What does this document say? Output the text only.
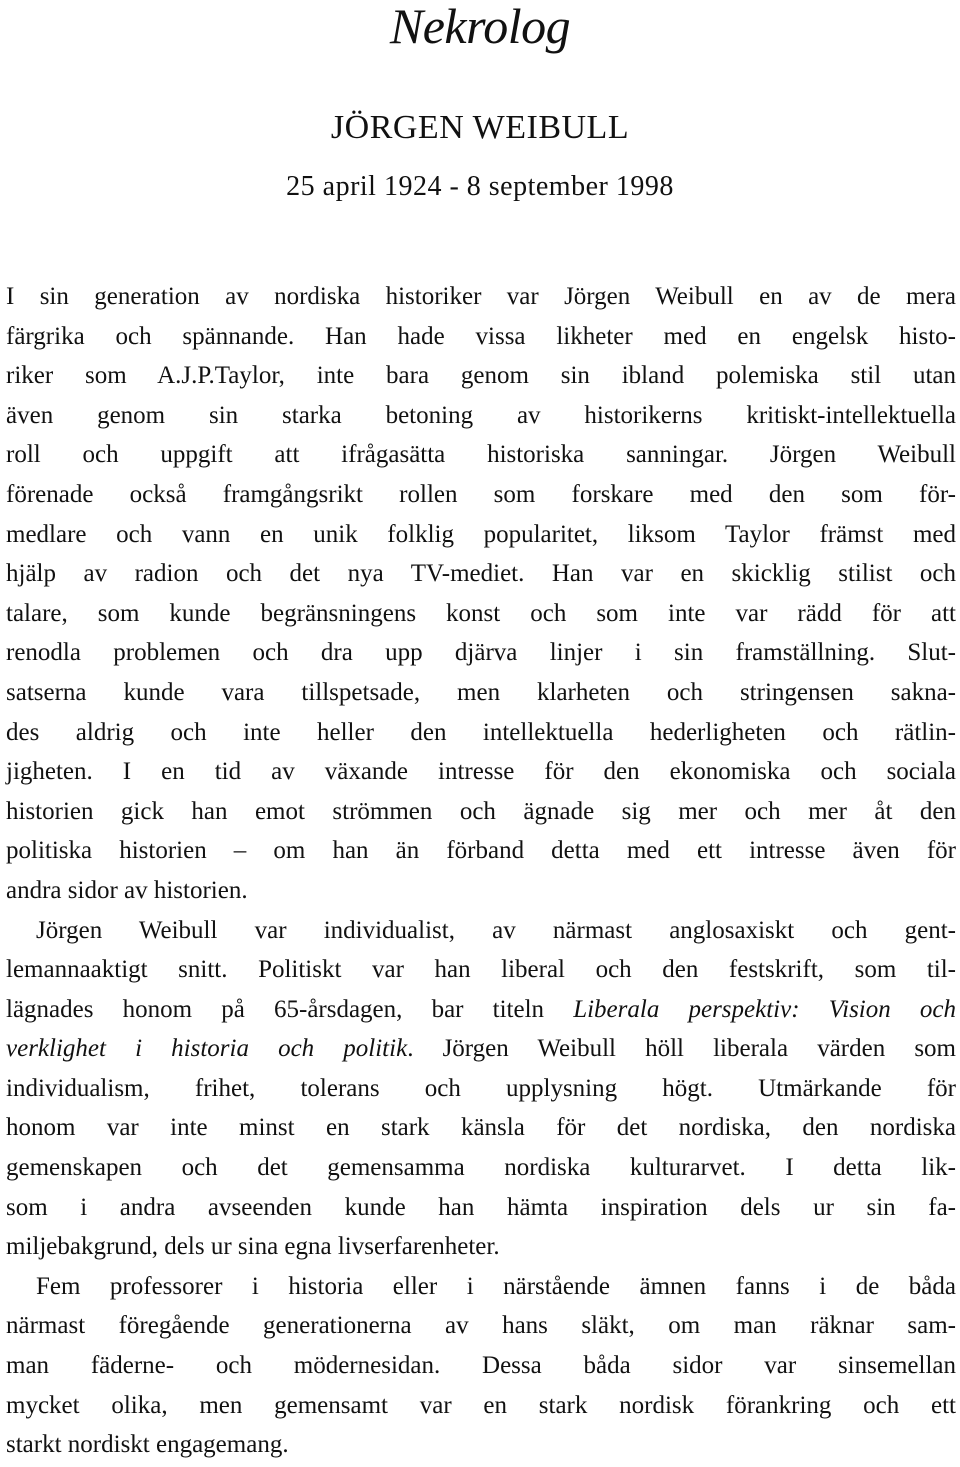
Nekrolog
JÖRGEN WEIBULL
25 april 1924 - 8 september 1998
I sin generation av nordiska historiker var Jörgen Weibull en av de mera
färgrika och spännande. Han hade vissa likheter med en engelsk histo-
riker som A.J.P.Taylor, inte bara genom sin ibland polemiska stil utan
även genom sin starka betoning av historikerns kritiskt-intellektuella
roll och uppgift att ifrågasätta historiska sanningar. Jörgen Weibull
förenade också framgångsrikt rollen som forskare med den som för-
medlare och vann en unik folklig popularitet, liksom Taylor främst med
hjälp av radion och det nya TV-mediet. Han var en skicklig stilist och
talare, som kunde begränsningens konst och som inte var rädd för att
renodla problemen och dra upp djärva linjer i sin framställning. Slut-
satserna kunde vara tillspetsade, men klarheten och stringensen sakna-
des aldrig och inte heller den intellektuella hederligheten och rätlin-
jigheten. I en tid av växande intresse för den ekonomiska och sociala
historien gick han emot strömmen och ägnade sig mer och mer åt den
politiska historien – om han än förband detta med ett intresse även för
andra sidor av historien.
Jörgen Weibull var individualist, av närmast anglosaxiskt och gent-
lemannaaktigt snitt. Politiskt var han liberal och den festskrift, som til-
lägnades honom på 65-årsdagen, bar titeln Liberala perspektiv: Vision och
verklighet i historia och politik. Jörgen Weibull höll liberala värden som
individualism, frihet, tolerans och upplysning högt. Utmärkande för
honom var inte minst en stark känsla för det nordiska, den nordiska
gemenskapen och det gemensamma nordiska kulturarvet. I detta lik-
som i andra avseenden kunde han hämta inspiration dels ur sin fa-
miljebakgrund, dels ur sina egna livserfarenheter.
Fem professorer i historia eller i närstående ämnen fanns i de båda
närmast föregående generationerna av hans släkt, om man räknar sam-
man fäderne- och mödernesidan. Dessa båda sidor var sinsemellan
mycket olika, men gemensamt var en stark nordisk förankring och ett
starkt nordiskt engagemang.
